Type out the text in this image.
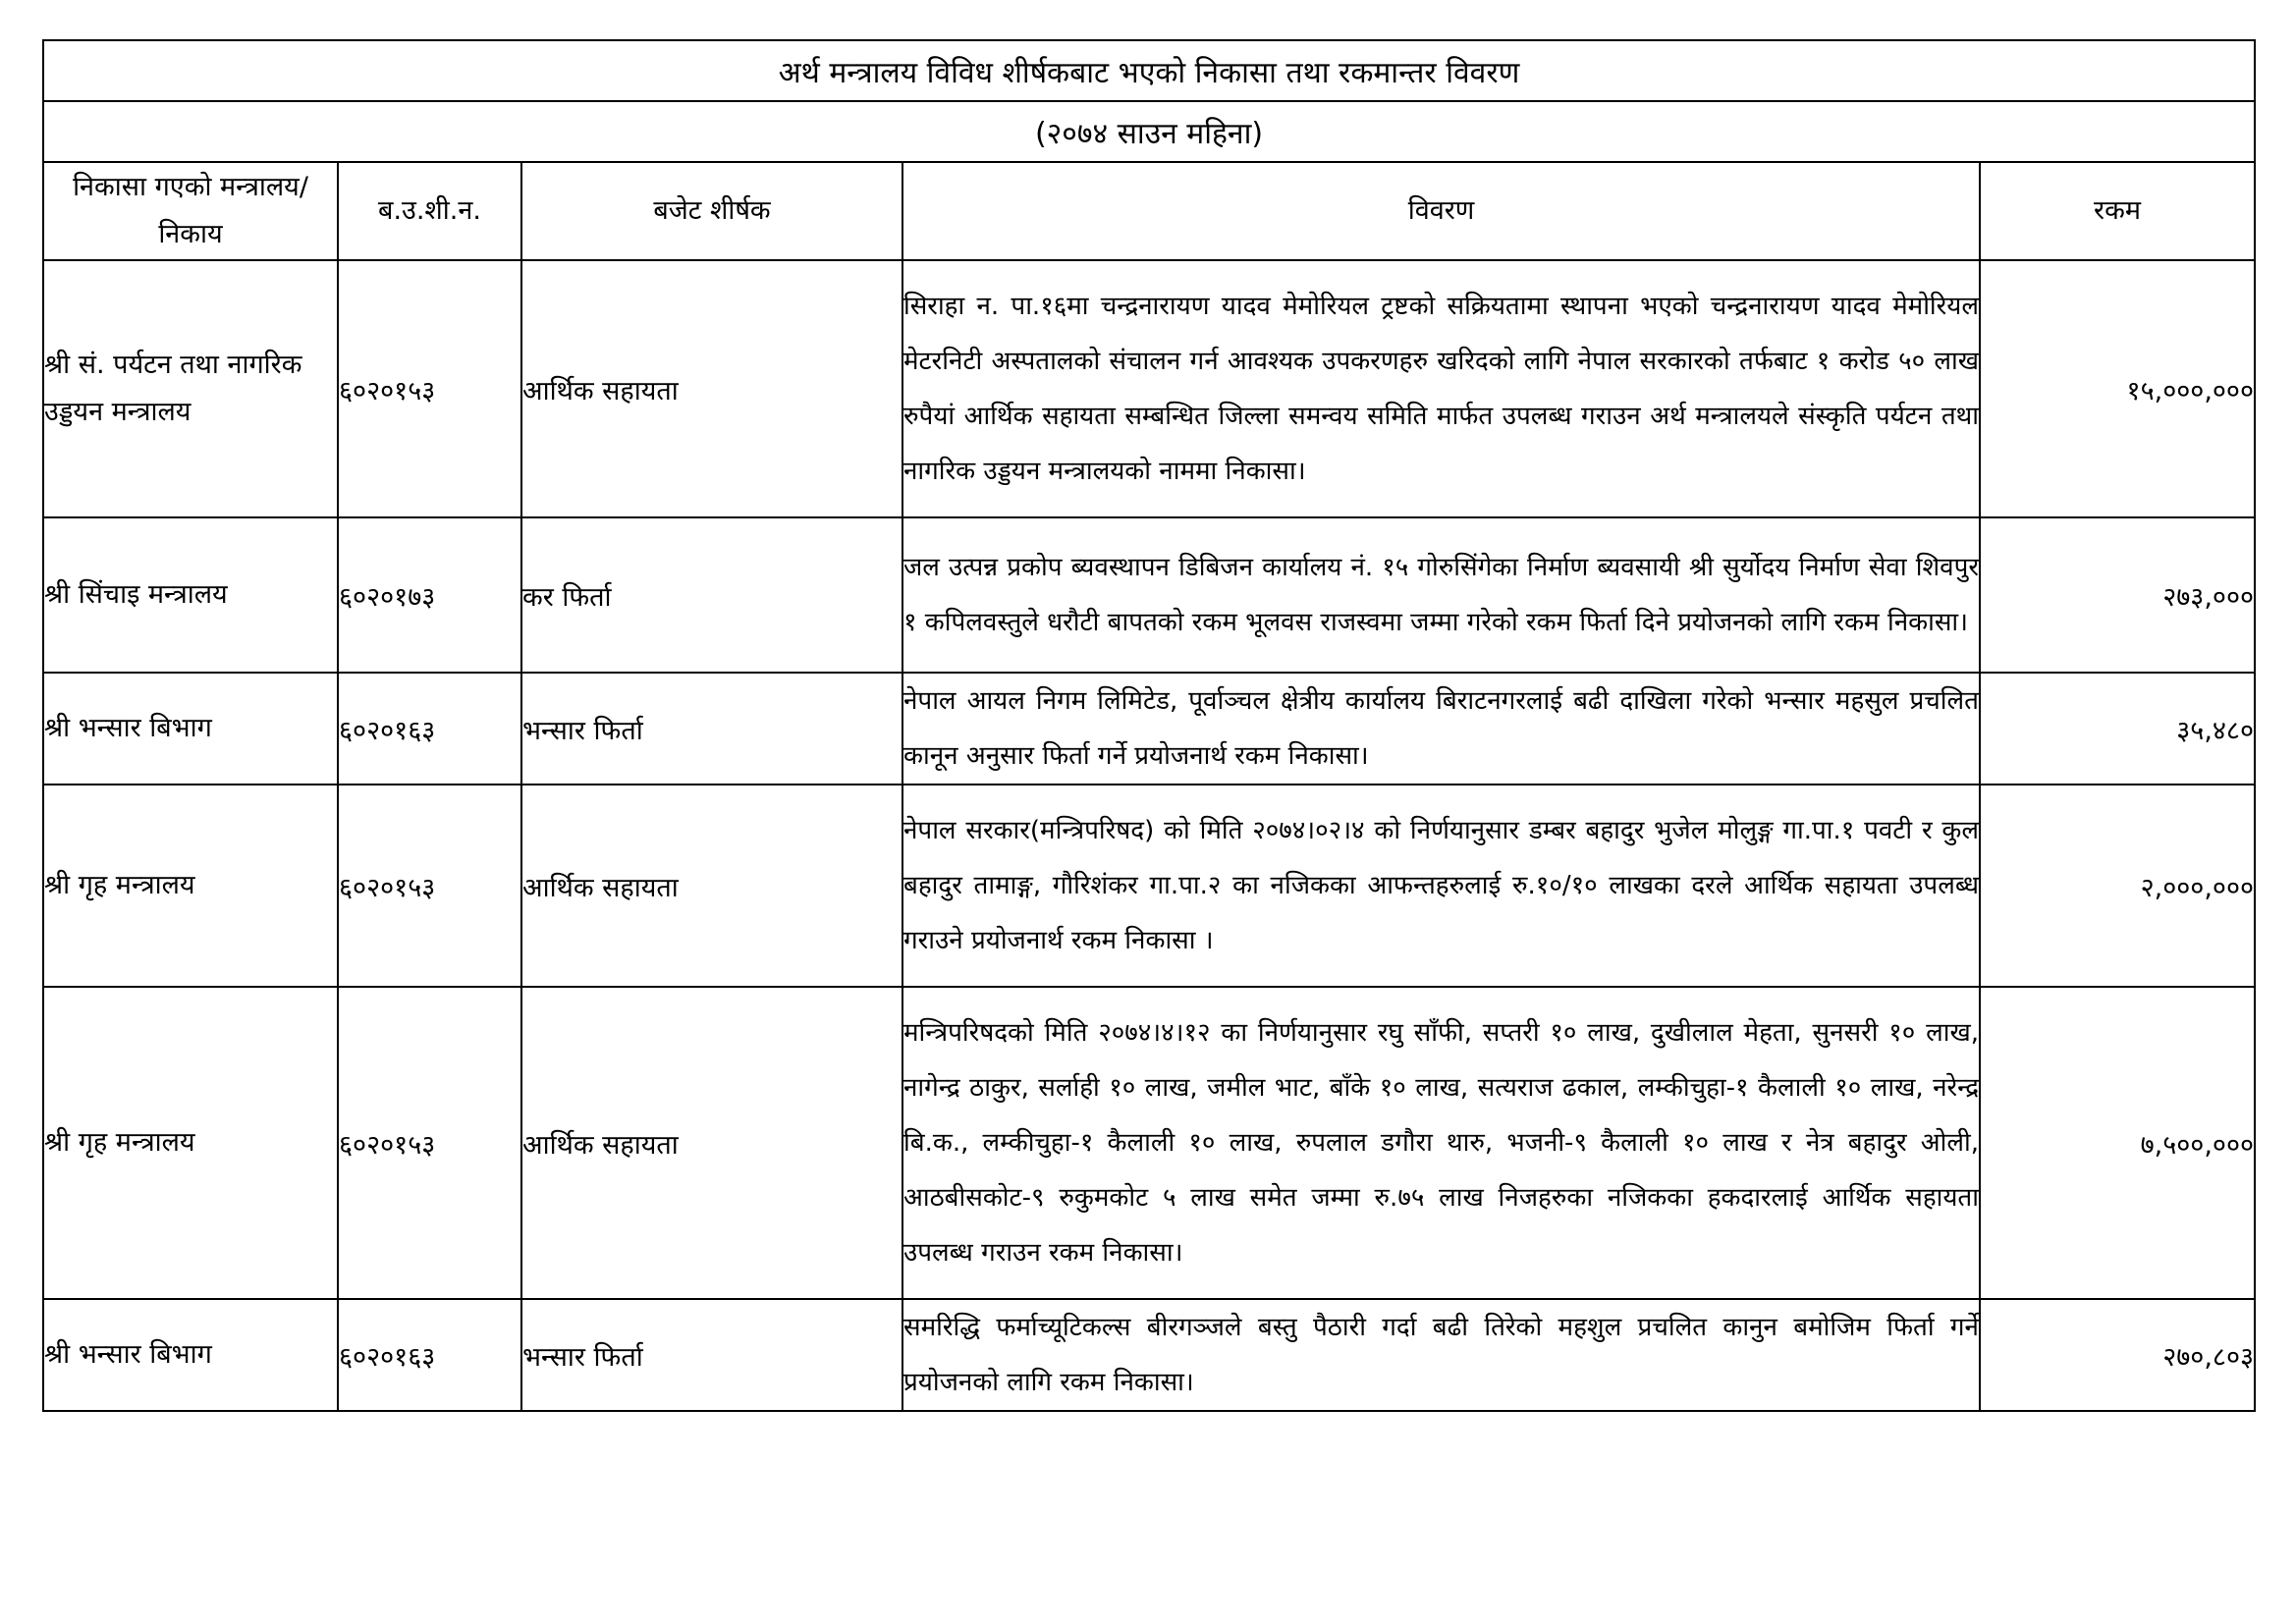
अर्थ मन्त्रालय विविध शीर्षकबाट भएको निकासा तथा रकमान्तर विवरण				
(२०७४ साउन महिना)				
निकासा गएको मन्त्रालय/निकाय	ब.उ.शी.न.	बजेट शीर्षक	विवरण	रकम
श्री सं. पर्यटन तथा नागरिक उड्डयन मन्त्रालय	६०२०१५३	आर्थिक सहायता	सिराहा न. पा.१६मा चन्द्रनारायण यादव मेमोरियल ट्रष्टको सक्रियतामा स्थापना भएको चन्द्रनारायण यादव मेमोरियल मेटरनिटी अस्पतालको संचालन गर्न आवश्यक उपकरणहरु खरिदको लागि नेपाल सरकारको तर्फबाट १ करोड ५० लाख रुपैयां आर्थिक सहायता सम्बन्धित जिल्ला समन्वय समिति मार्फत उपलब्ध गराउन अर्थ मन्त्रालयले संस्कृति पर्यटन तथा नागरिक उड्डयन मन्त्रालयको नाममा निकासा।	१५,०००,०००
श्री सिंचाइ मन्त्रालय	६०२०१७३	कर फिर्ता	जल उत्पन्न प्रकोप ब्यवस्थापन डिबिजन कार्यालय नं. १५ गोरुसिंगेका निर्माण ब्यवसायी श्री सुर्योदय निर्माण सेवा शिवपुर १ कपिलवस्तुले धरौटी बापतको रकम भूलवस राजस्वमा जम्मा गरेको रकम फिर्ता दिने प्रयोजनको लागि रकम निकासा।	२७३,०००
श्री भन्सार बिभाग	६०२०१६३	भन्सार फिर्ता	नेपाल आयल निगम लिमिटेड, पूर्वाञ्चल क्षेत्रीय कार्यालय बिराटनगरलाई बढी दाखिला गरेको भन्सार महसुल प्रचलित कानून अनुसार फिर्ता गर्ने प्रयोजनार्थ रकम निकासा।	३५,४८०
श्री गृह मन्त्रालय	६०२०१५३	आर्थिक सहायता	नेपाल सरकार(मन्त्रिपरिषद) को मिति २०७४।०२।४ को निर्णयानुसार डम्बर बहादुर भुजेल मोलुङ्ग गा.पा.१ पवटी र कुल बहादुर तामाङ्ग, गौरिशंकर गा.पा.२ का नजिकका आफन्तहरुलाई रु.१०/१० लाखका दरले आर्थिक सहायता उपलब्ध गराउने प्रयोजनार्थ रकम निकासा ।	२,०००,०००
श्री गृह मन्त्रालय	६०२०१५३	आर्थिक सहायता	मन्त्रिपरिषदको मिति २०७४।४।१२ का निर्णयानुसार रघु साँफी, सप्तरी १० लाख, दुखीलाल मेहता, सुनसरी १० लाख, नागेन्द्र ठाकुर, सर्लाही १० लाख, जमील भाट, बाँके १० लाख, सत्यराज ढकाल, लम्कीचुहा-१ कैलाली १० लाख, नरेन्द्र बि.क., लम्कीचुहा-१ कैलाली १० लाख, रुपलाल डगौरा थारु, भजनी-९ कैलाली १० लाख र नेत्र बहादुर ओली, आठबीसकोट-९ रुकुमकोट ५ लाख समेत जम्मा रु.७५ लाख निजहरुका नजिकका हकदारलाई आर्थिक सहायता उपलब्ध गराउन रकम निकासा।	७,५००,०००
श्री भन्सार बिभाग	६०२०१६३	भन्सार फिर्ता	समरिद्धि फर्माच्यूटिकल्स बीरगञ्जले बस्तु पैठारी गर्दा बढी तिरेको महशुल प्रचलित कानुन बमोजिम फिर्ता गर्ने प्रयोजनको लागि रकम निकासा।	२७०,८०३
